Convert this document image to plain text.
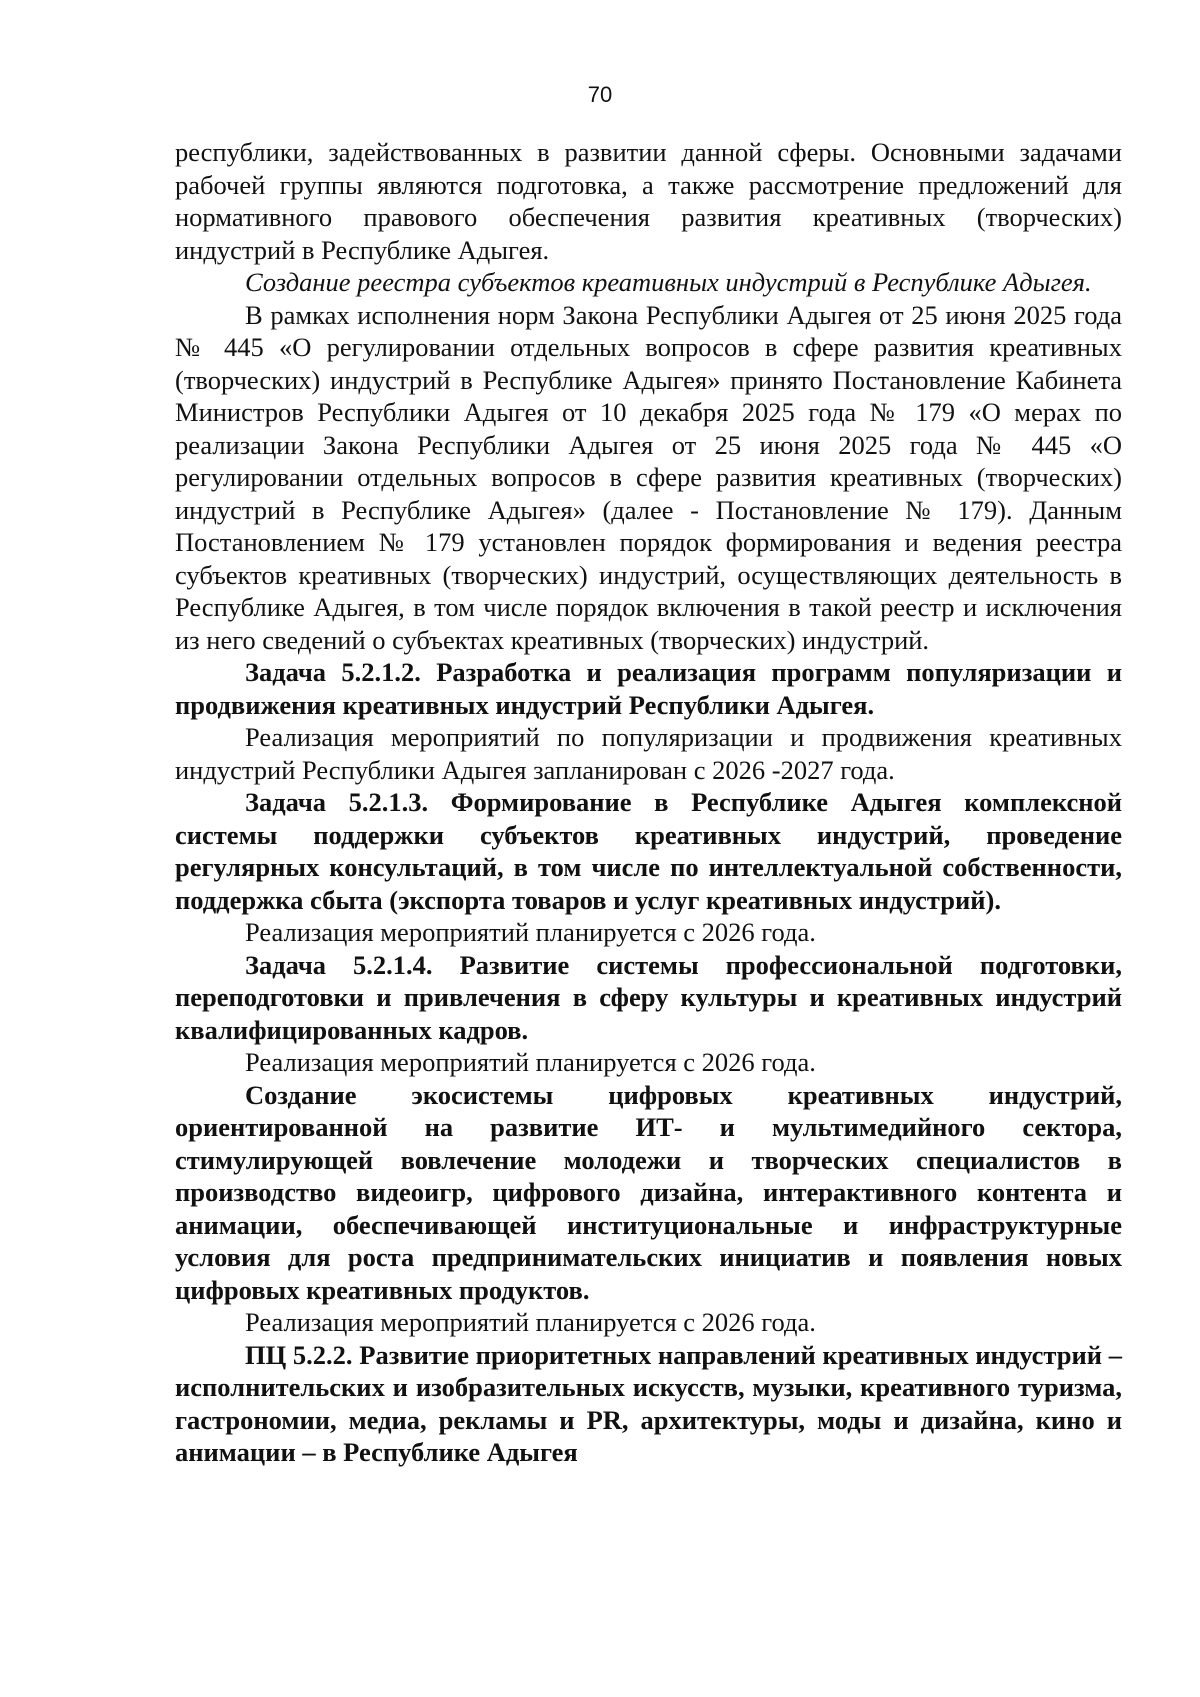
70

республики, задействованных в развитии данной сферы. Основными задачами рабочей группы являются подготовка, а также рассмотрение предложений для нормативного правового обеспечения развития креативных (творческих) индустрий в Республике Адыгея.

Создание реестра субъектов креативных индустрий в Республике Адыгея.

В рамках исполнения норм Закона Республики Адыгея от 25 июня 2025 года № 445 «О регулировании отдельных вопросов в сфере развития креативных (творческих) индустрий в Республике Адыгея» принято Постановление Кабинета Министров Республики Адыгея от 10 декабря 2025 года № 179 «О мерах по реализации Закона Республики Адыгея от 25 июня 2025 года № 445 «О регулировании отдельных вопросов в сфере развития креативных (творческих) индустрий в Республике Адыгея» (далее - Постановление № 179). Данным Постановлением № 179 установлен порядок формирования и ведения реестра субъектов креативных (творческих) индустрий, осуществляющих деятельность в Республике Адыгея, в том числе порядок включения в такой реестр и исключения из него сведений о субъектах креативных (творческих) индустрий.

Задача 5.2.1.2. Разработка и реализация программ популяризации и продвижения креативных индустрий Республики Адыгея.

Реализация мероприятий по популяризации и продвижения креативных индустрий Республики Адыгея запланирован с 2026 -2027 года.

Задача 5.2.1.3. Формирование в Республике Адыгея комплексной системы поддержки субъектов креативных индустрий, проведение регулярных консультаций, в том числе по интеллектуальной собственности, поддержка сбыта (экспорта товаров и услуг креативных индустрий).

Реализация мероприятий планируется с 2026 года.

Задача 5.2.1.4. Развитие системы профессиональной подготовки, переподготовки и привлечения в сферу культуры и креативных индустрий квалифицированных кадров.

Реализация мероприятий планируется с 2026 года.

Создание экосистемы цифровых креативных индустрий, ориентированной на развитие ИТ- и мультимедийного сектора, стимулирующей вовлечение молодежи и творческих специалистов в производство видеоигр, цифрового дизайна, интерактивного контента и анимации, обеспечивающей институциональные и инфраструктурные условия для роста предпринимательских инициатив и появления новых цифровых креативных продуктов.

Реализация мероприятий планируется с 2026 года.

ПЦ 5.2.2. Развитие приоритетных направлений креативных индустрий – исполнительских и изобразительных искусств, музыки, креативного туризма, гастрономии, медиа, рекламы и PR, архитектуры, моды и дизайна, кино и анимации – в Республике Адыгея
